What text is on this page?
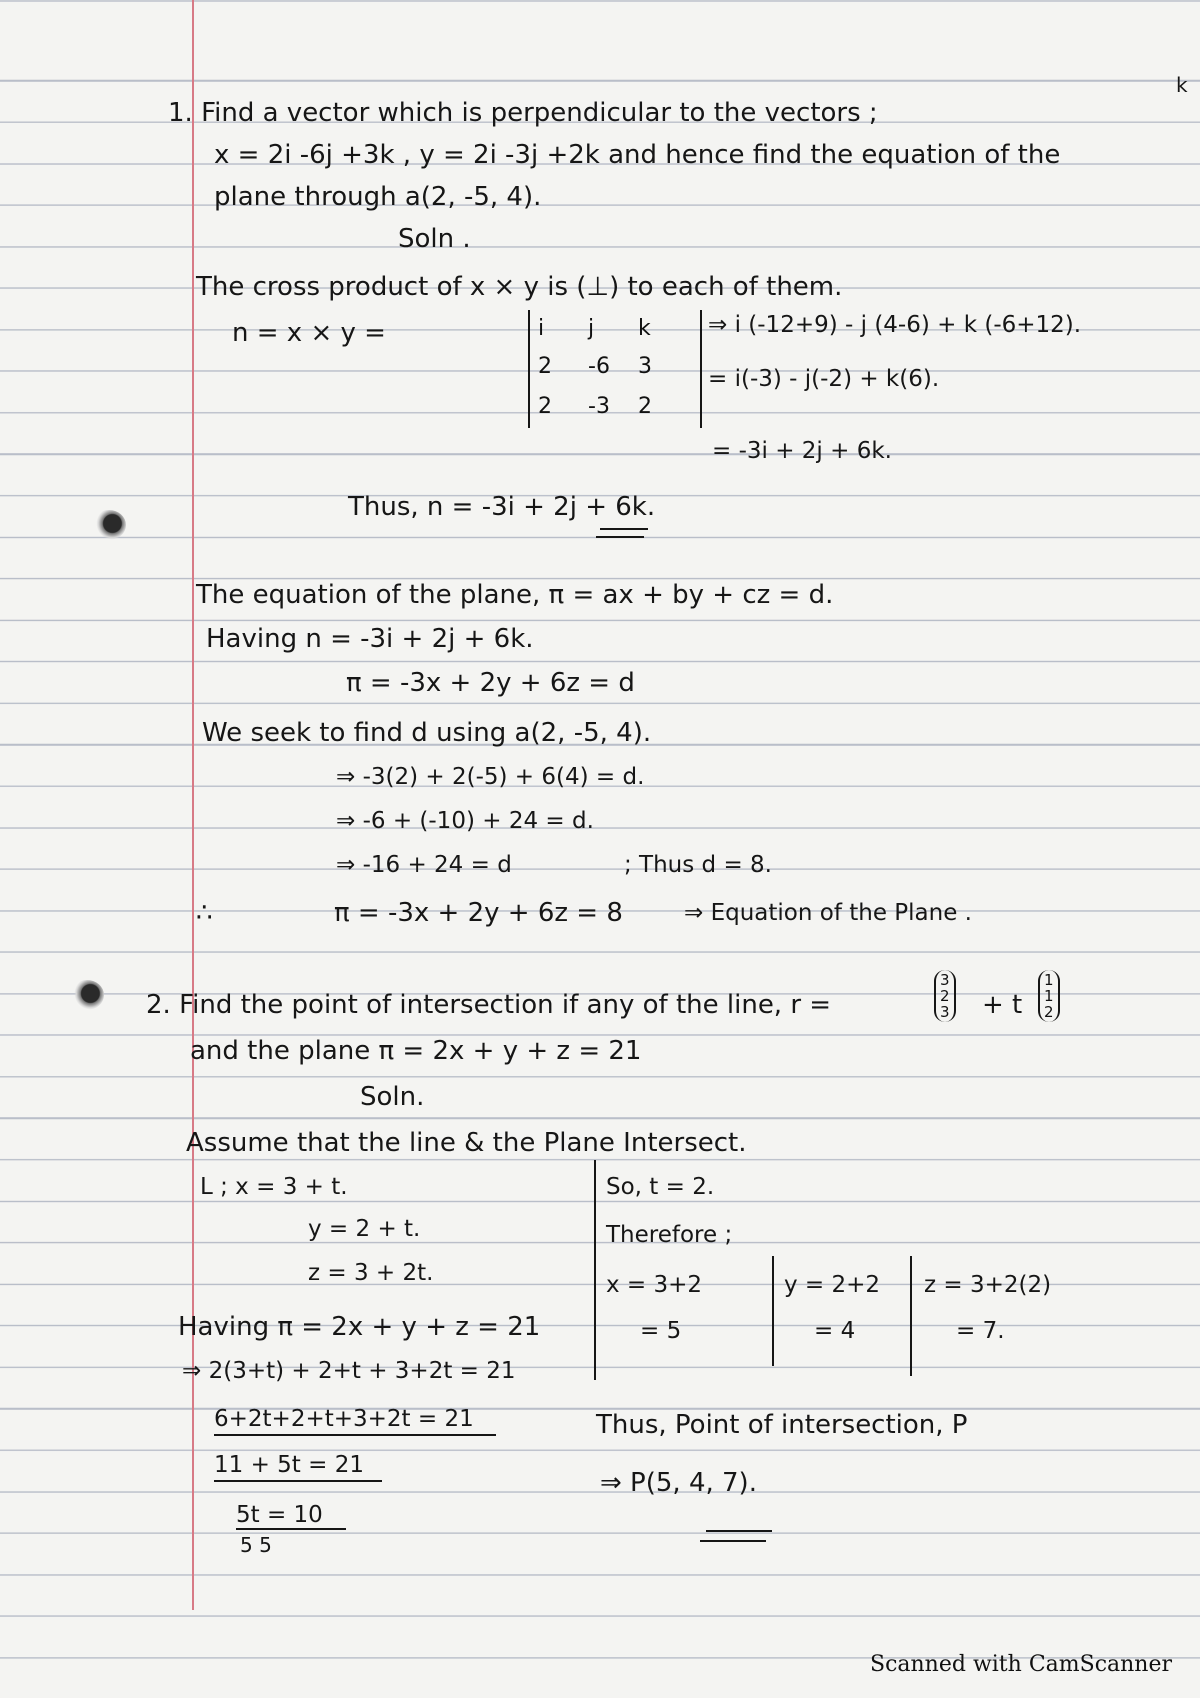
k
1. Find a vector which is perpendicular to the vectors ;
x = 2i -6j +3k , y = 2i -3j +2k and hence find the equation of the
plane through a(2, -5, 4).
Soln .
The cross product of x × y is (⊥) to each of them.
n = x × y =	i j k
2 -6 3
2 -3 2
⇒ i (-12+9) - j (4-6) + k (-6+12).
= i(-3) - j(-2) + k(6).
= -3i + 2j + 6k.
Thus, n = -3i + 2j + 6k.
The equation of the plane, π = ax + by + cz = d.
Having n = -3i + 2j + 6k.
π = -3x + 2y + 6z = d
We seek to find d using a(2, -5, 4).
⇒ -3(2) + 2(-5) + 6(4) = d.
⇒ -6 + (-10) + 24 = d.
⇒ -16 + 24 = d	; Thus d = 8.
∴	π = -3x + 2y + 6z = 8	⇒ Equation of the Plane .
2. Find the point of intersection if any of the line, r =
3
2
3 + t
1
1
2
and the plane π = 2x + y + z = 21
Soln.
Assume that the line & the Plane Intersect.
L ; x = 3 + t.
y = 2 + t.
z = 3 + 2t.
Having π = 2x + y + z = 21
⇒ 2(3+t) + 2+t + 3+2t = 21
6+2t+2+t+3+2t = 21
11 + 5t = 21
5t = 10
5 5
So, t = 2.
Therefore ;
x = 3+2
= 5
y = 2+2
= 4
z = 3+2(2)
= 7.
Thus, Point of intersection, P
⇒ P(5, 4, 7).
Scanned with CamScanner
